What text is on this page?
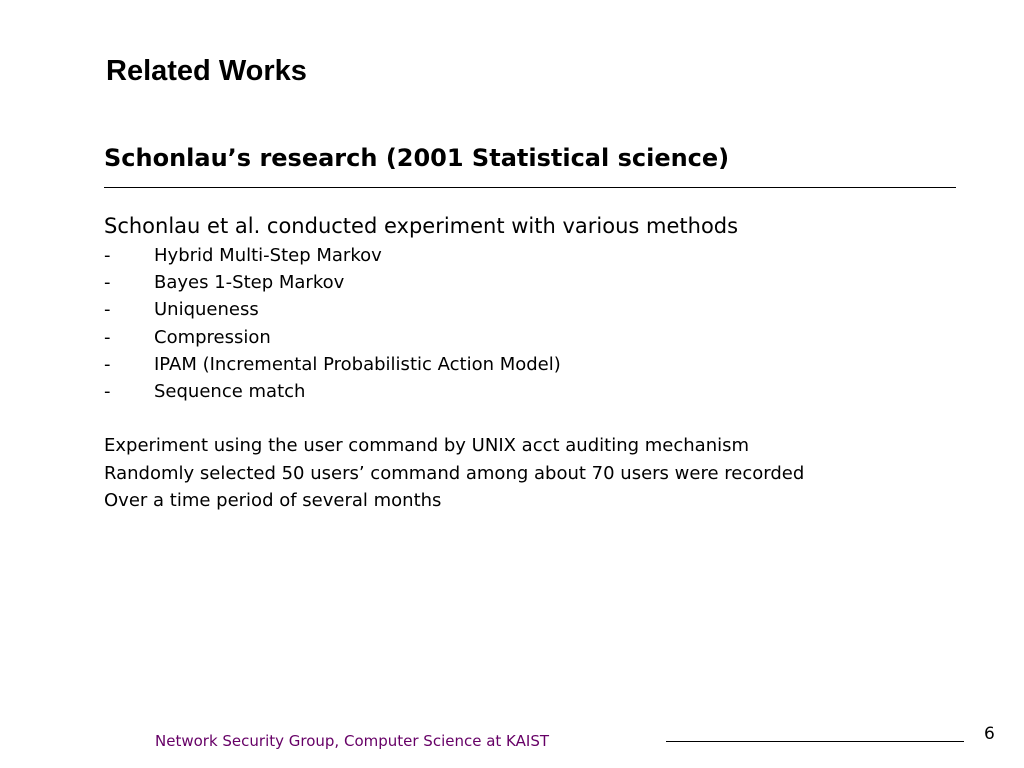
Related Works
Schonlau’s research (2001 Statistical science)

Schonlau et al. conducted experiment with various methods

-	Hybrid Multi-Step Markov
-	Bayes 1-Step Markov
-	Uniqueness
-	Compression
-	IPAM (Incremental Probabilistic Action Model)
-	Sequence match
Experiment using the user command by UNIX acct auditing mechanism
Randomly selected 50 users’ command among about 70 users were recorded
Over a time period of several months
Network Security Group, Computer Science at KAIST	6
